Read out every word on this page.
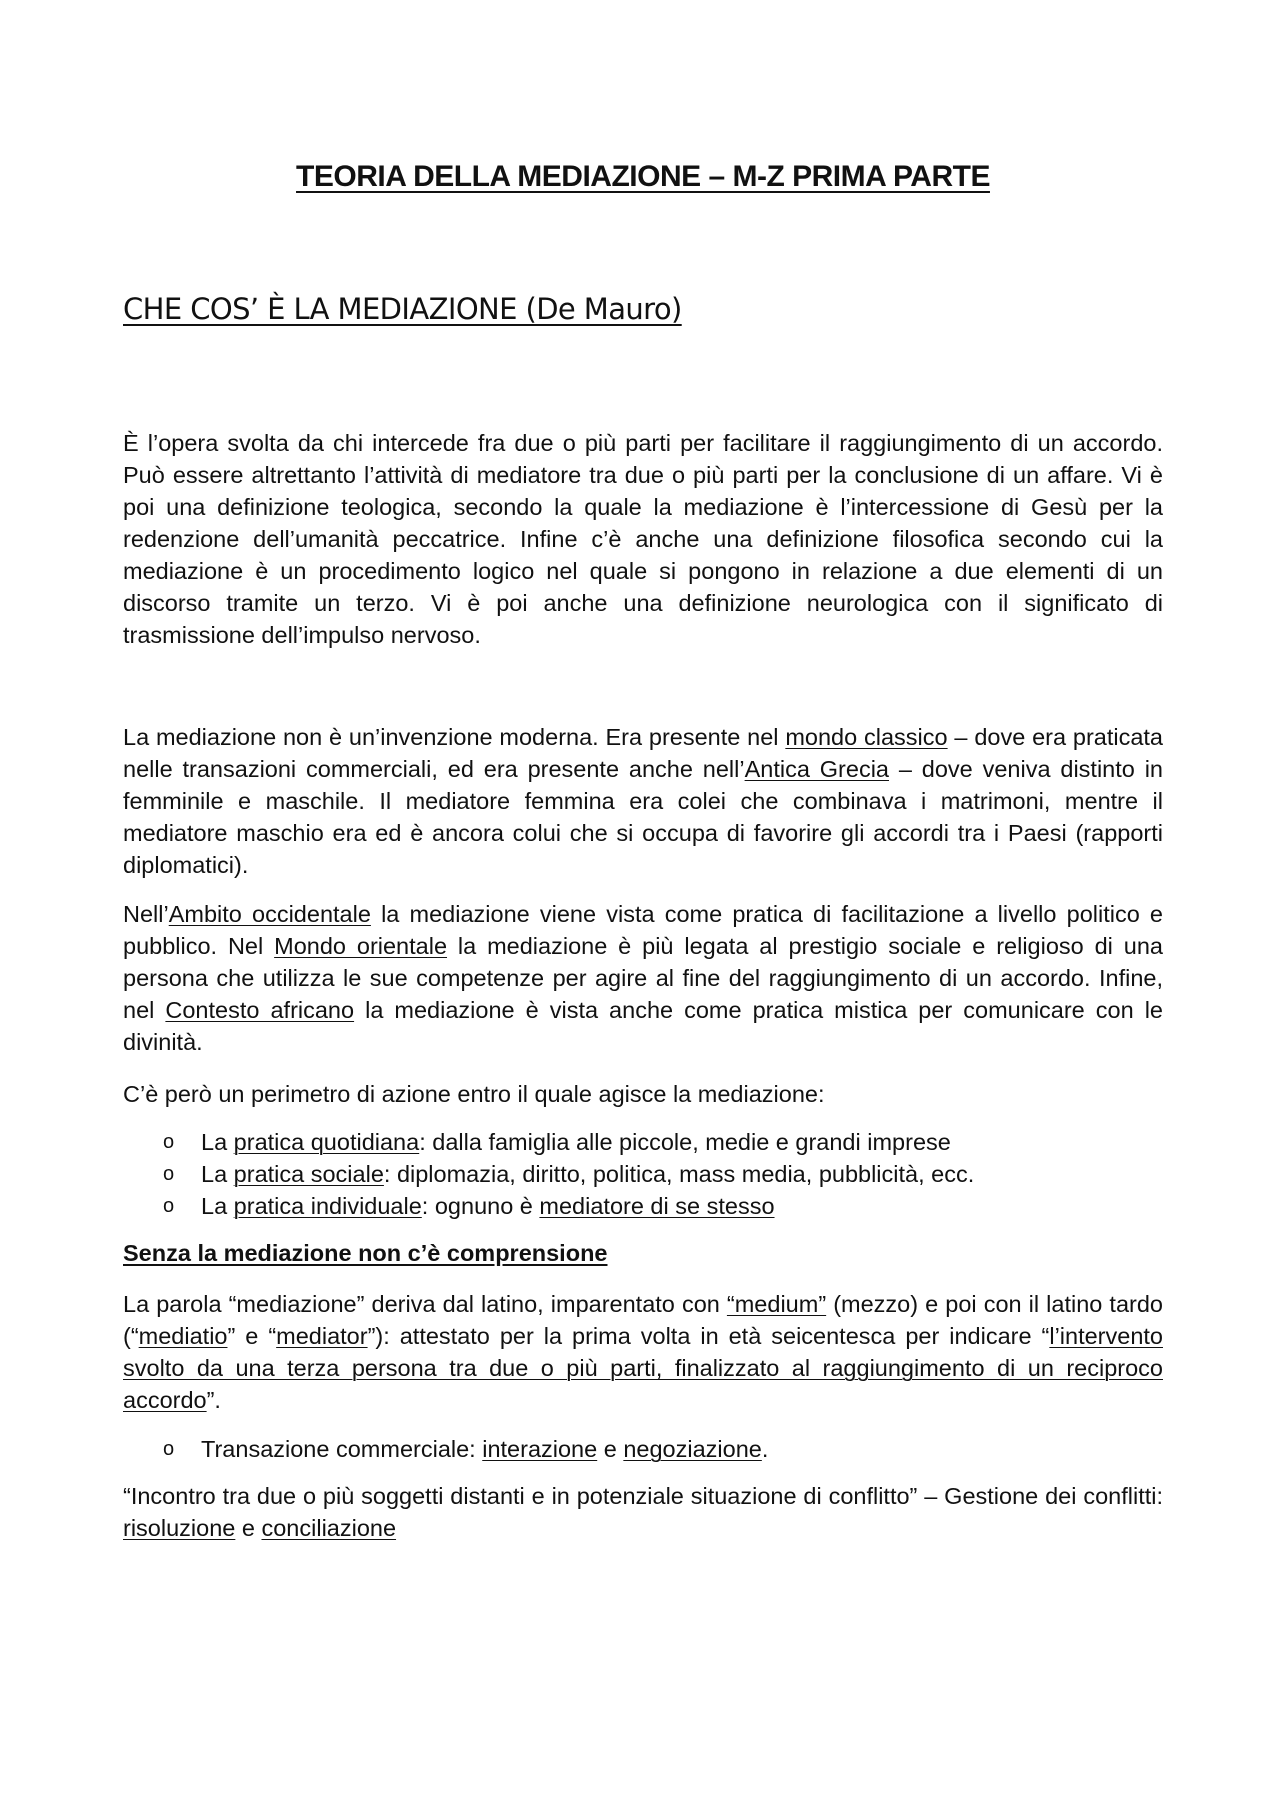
TEORIA DELLA MEDIAZIONE – M-Z PRIMA PARTE
CHE COS’ È LA MEDIAZIONE (De Mauro)

È l’opera svolta da chi intercede fra due o più parti per facilitare il raggiungimento di un accordo. Può essere altrettanto l’attività di mediatore tra due o più parti per la conclusione di un affare. Vi è poi una definizione teologica, secondo la quale la mediazione è l’intercessione di Gesù per la redenzione dell’umanità peccatrice. Infine c’è anche una definizione filosofica secondo cui la mediazione è un procedimento logico nel quale si pongono in relazione a due elementi di un discorso tramite un terzo. Vi è poi anche una definizione neurologica con il significato di trasmissione dell’impulso nervoso.

La mediazione non è un’invenzione moderna. Era presente nel mondo classico – dove era praticata nelle transazioni commerciali, ed era presente anche nell’Antica Grecia – dove veniva distinto in femminile e maschile. Il mediatore femmina era colei che combinava i matrimoni, mentre il mediatore maschio era ed è ancora colui che si occupa di favorire gli accordi tra i Paesi (rapporti diplomatici).

Nell’Ambito occidentale la mediazione viene vista come pratica di facilitazione a livello politico e pubblico. Nel Mondo orientale la mediazione è più legata al prestigio sociale e religioso di una persona che utilizza le sue competenze per agire al fine del raggiungimento di un accordo. Infine, nel Contesto africano la mediazione è vista anche come pratica mistica per comunicare con le divinità.

C’è però un perimetro di azione entro il quale agisce la mediazione:

o La pratica quotidiana: dalla famiglia alle piccole, medie e grandi imprese
o La pratica sociale: diplomazia, diritto, politica, mass media, pubblicità, ecc.
o La pratica individuale: ognuno è mediatore di se stesso
Senza la mediazione non c’è comprensione

La parola “mediazione” deriva dal latino, imparentato con “medium” (mezzo) e poi con il latino tardo (“mediatio” e “mediator”): attestato per la prima volta in età seicentesca per indicare “l’intervento svolto da una terza persona tra due o più parti, finalizzato al raggiungimento di un reciproco accordo”.

o Transazione commerciale: interazione e negoziazione.

“Incontro tra due o più soggetti distanti e in potenziale situazione di conflitto” – Gestione dei conflitti: risoluzione e conciliazione
